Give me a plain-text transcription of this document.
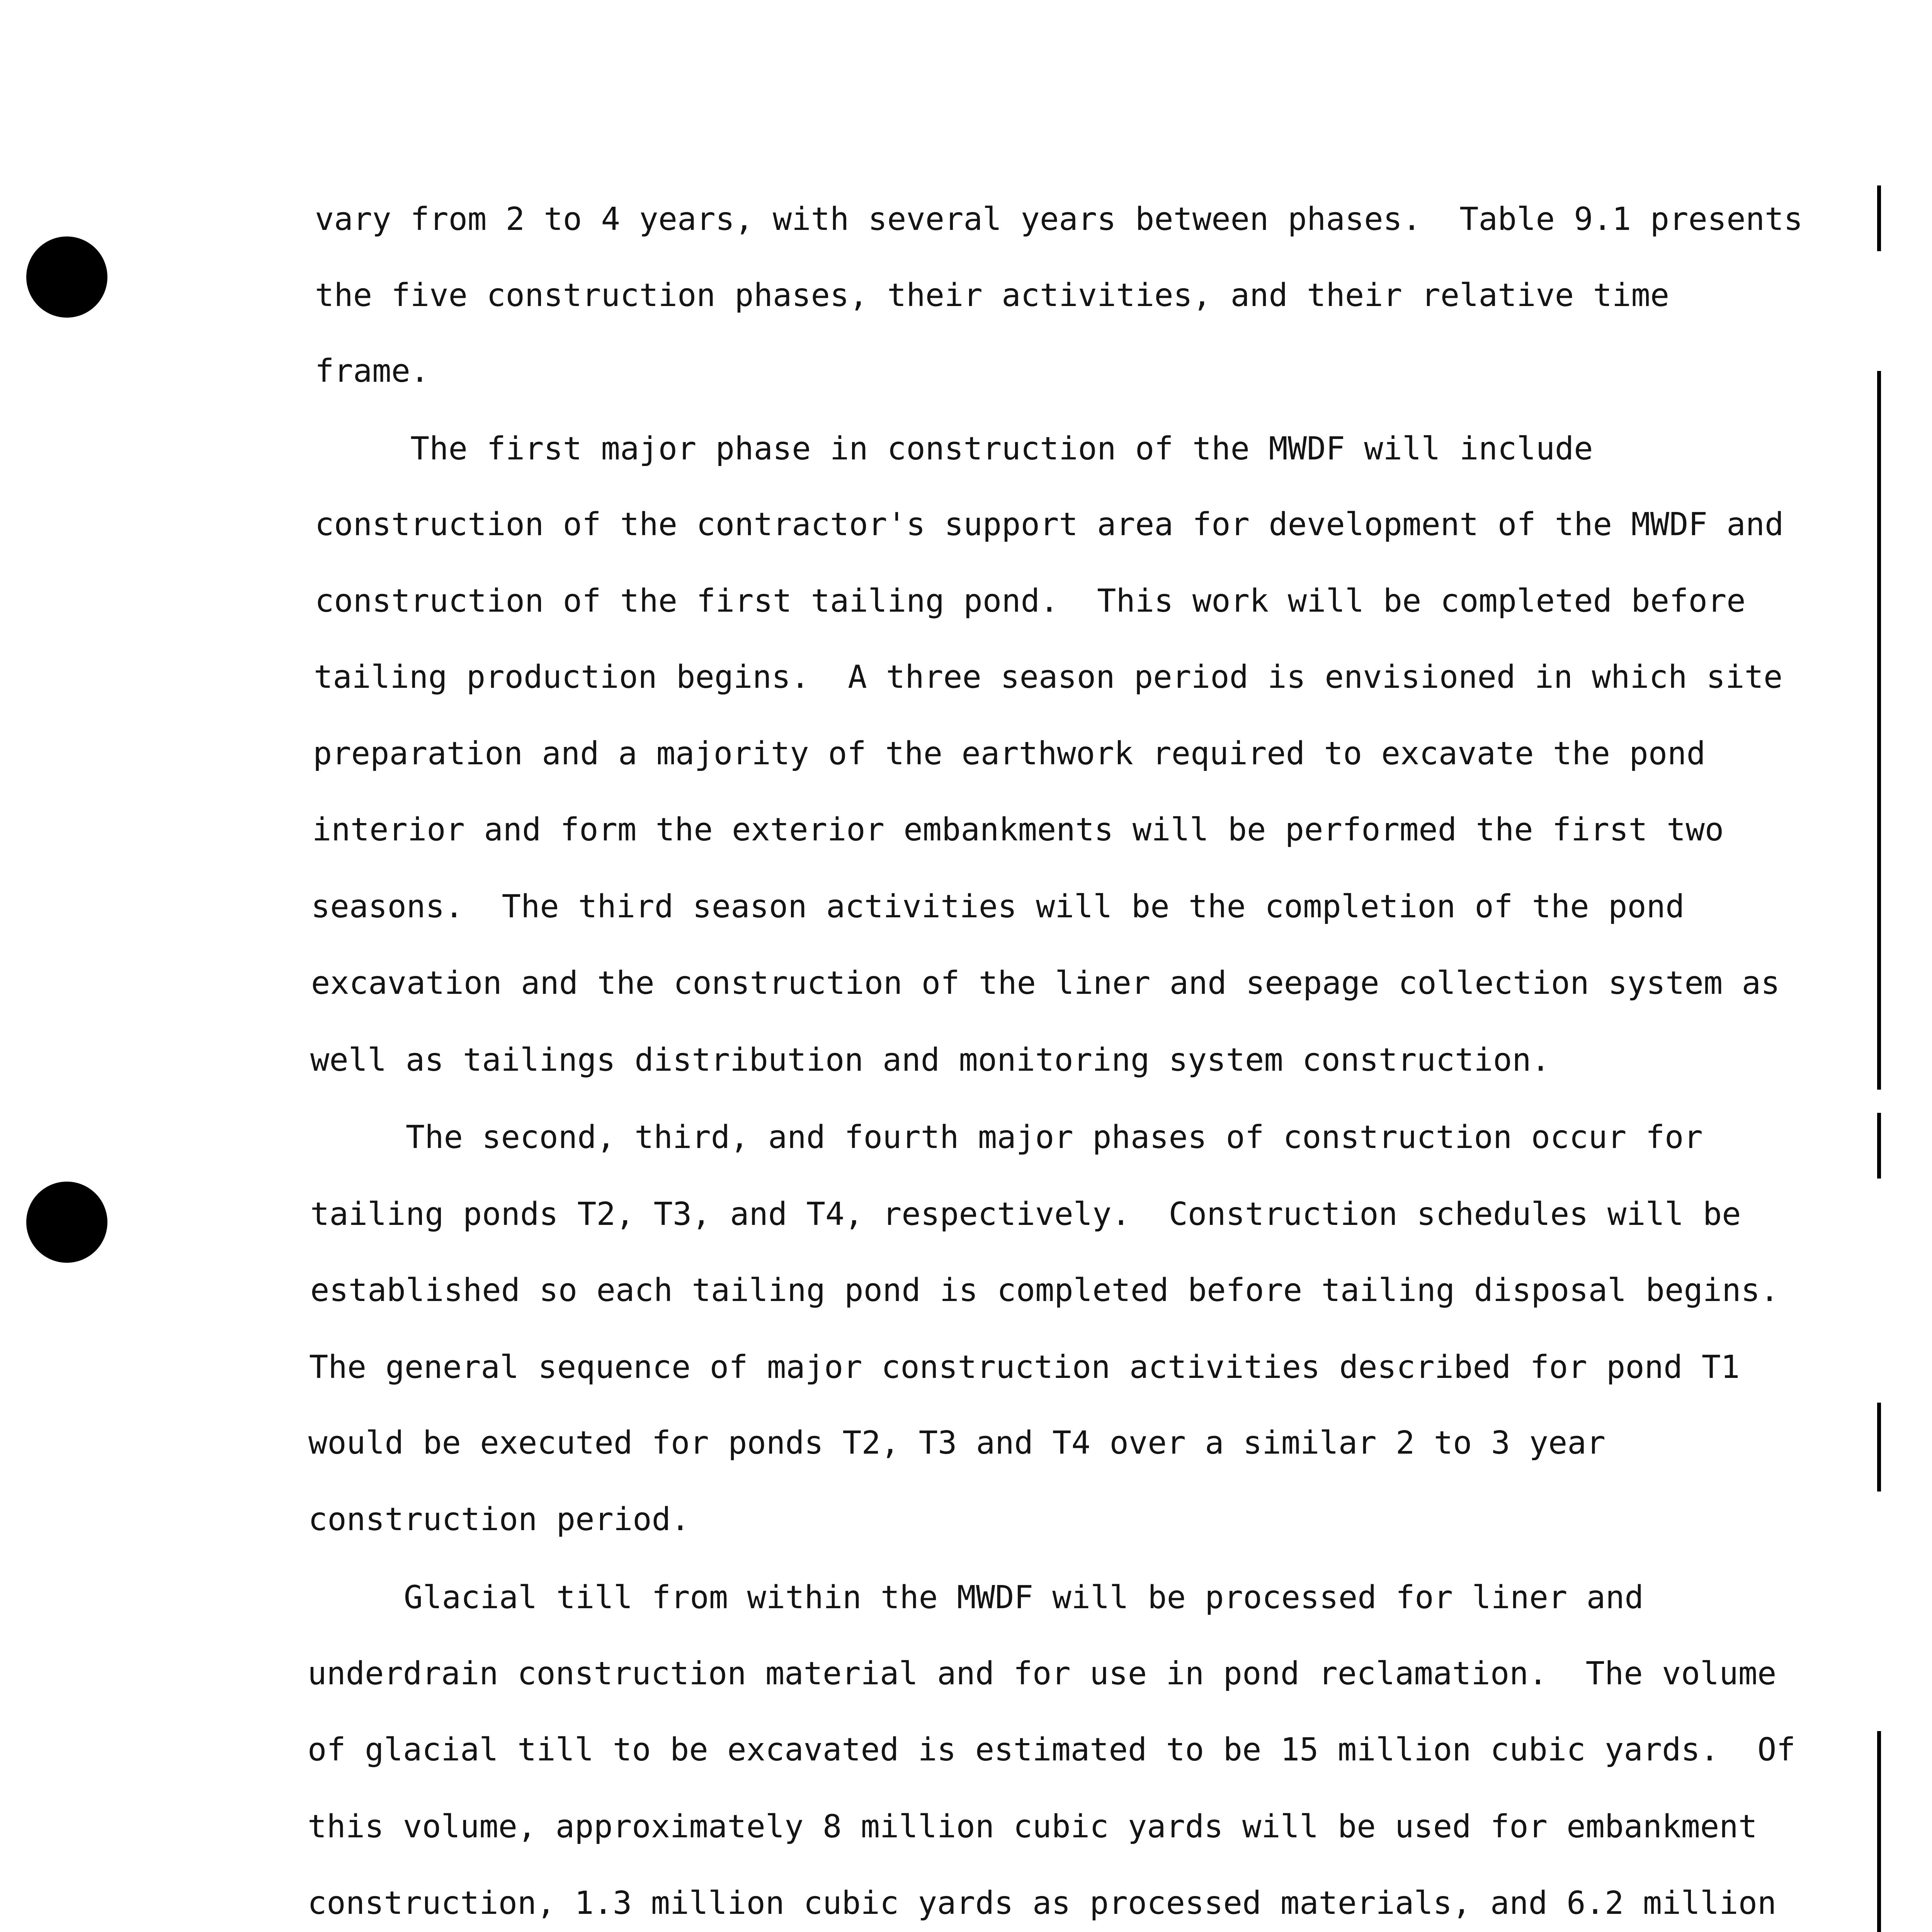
vary from 2 to 4 years, with several years between phases.  Table 9.1 presents
the five construction phases, their activities, and their relative time
frame.
The first major phase in construction of the MWDF will include
construction of the contractor's support area for development of the MWDF and
construction of the first tailing pond.  This work will be completed before
tailing production begins.  A three season period is envisioned in which site
preparation and a majority of the earthwork required to excavate the pond
interior and form the exterior embankments will be performed the first two
seasons.  The third season activities will be the completion of the pond
excavation and the construction of the liner and seepage collection system as
well as tailings distribution and monitoring system construction.
The second, third, and fourth major phases of construction occur for
tailing ponds T2, T3, and T4, respectively.  Construction schedules will be
established so each tailing pond is completed before tailing disposal begins.
The general sequence of major construction activities described for pond T1
would be executed for ponds T2, T3 and T4 over a similar 2 to 3 year
construction period.
Glacial till from within the MWDF will be processed for liner and
underdrain construction material and for use in pond reclamation.  The volume
of glacial till to be excavated is estimated to be 15 million cubic yards.  Of
this volume, approximately 8 million cubic yards will be used for embankment
construction, 1.3 million cubic yards as processed materials, and 6.2 million
